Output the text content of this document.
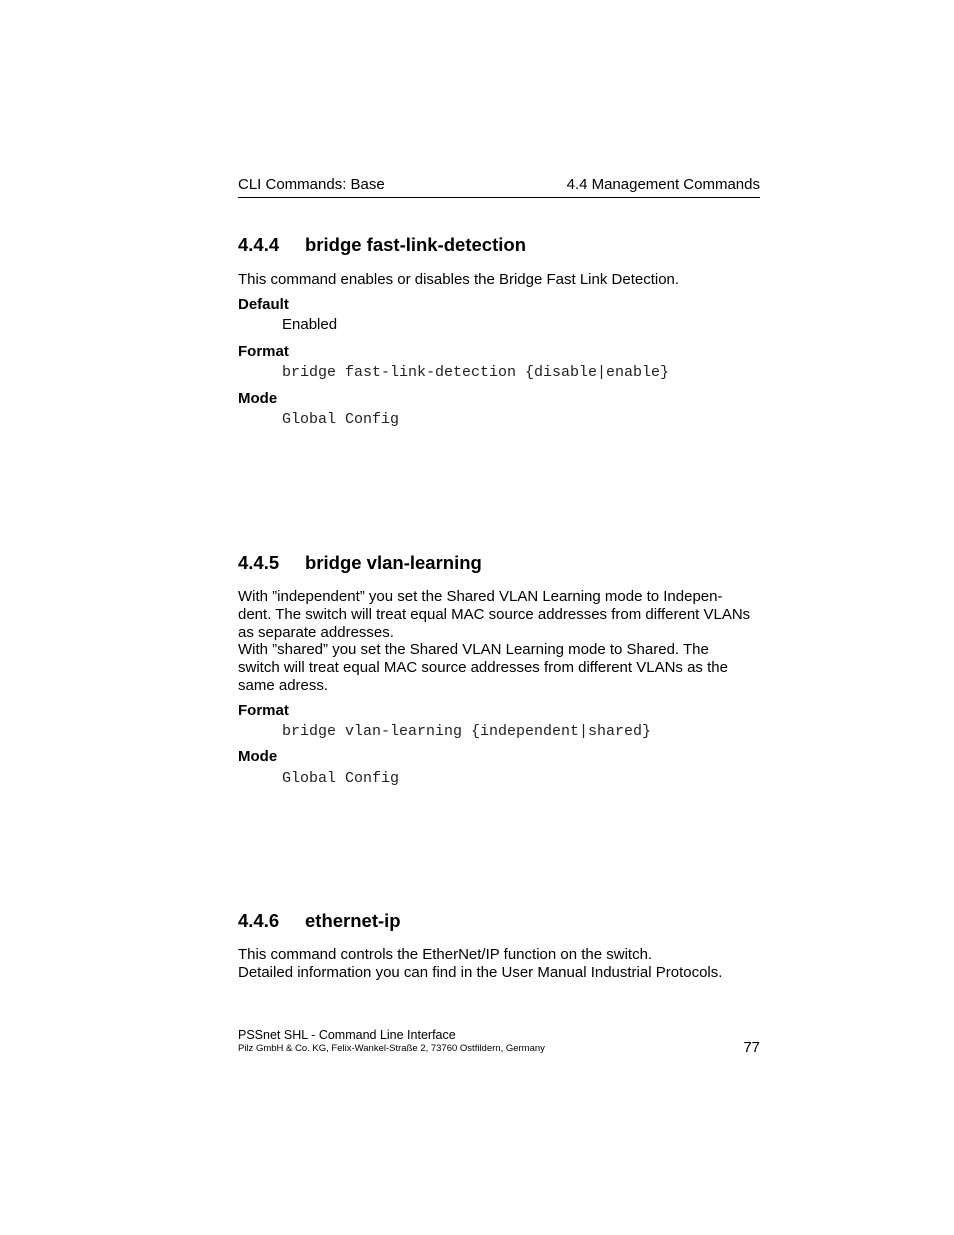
CLI Commands: Base	4.4 Management Commands
4.4.4 bridge fast-link-detection
This command enables or disables the Bridge Fast Link Detection.
Default
Enabled
Format
bridge fast-link-detection {disable|enable}
Mode
Global Config
4.4.5 bridge vlan-learning
With ”independent” you set the Shared VLAN Learning mode to Indepen-
dent. The switch will treat equal MAC source addresses from different VLANs
as separate addresses.
With ”shared” you set the Shared VLAN Learning mode to Shared. The
switch will treat equal MAC source addresses from different VLANs as the
same adress.
Format
bridge vlan-learning {independent|shared}
Mode
Global Config
4.4.6 ethernet-ip
This command controls the EtherNet/IP function on the switch.
Detailed information you can find in the User Manual Industrial Protocols.
PSSnet SHL - Command Line Interface
Pilz GmbH & Co. KG, Felix-Wankel-Straße 2, 73760 Ostfildern, Germany	77
